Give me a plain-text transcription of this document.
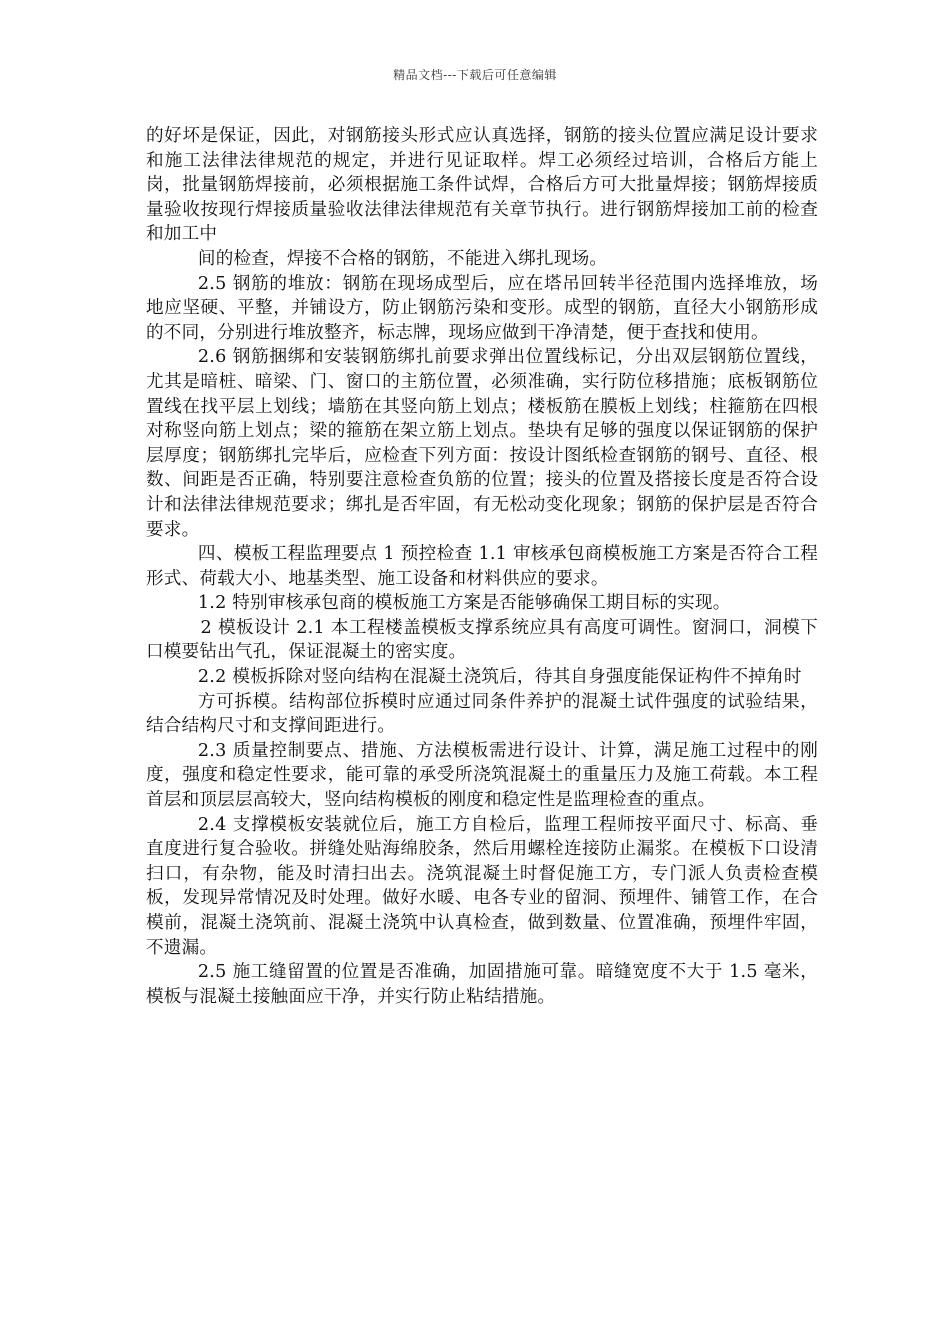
精品文档---下载后可任意编辑

的好坏是保证，因此，对钢筋接头形式应认真选择，钢筋的接头位置应满足设计要求和施工法律法律规范的规定，并进行见证取样。焊工必须经过培训，合格后方能上岗，批量钢筋焊接前，必须根据施工条件试焊，合格后方可大批量焊接；钢筋焊接质量验收按现行焊接质量验收法律法律规范有关章节执行。进行钢筋焊接加工前的检查和加工中

间的检查，焊接不合格的钢筋，不能进入绑扎现场。

2.5 钢筋的堆放：钢筋在现场成型后，应在塔吊回转半径范围内选择堆放，场地应坚硬、平整，并铺设方，防止钢筋污染和变形。成型的钢筋，直径大小钢筋形成的不同，分别进行堆放整齐，标志牌，现场应做到干净清楚，便于查找和使用。

2.6 钢筋捆绑和安装钢筋绑扎前要求弹出位置线标记，分出双层钢筋位置线，尤其是暗桩、暗梁、门、窗口的主筋位置，必须准确，实行防位移措施；底板钢筋位置线在找平层上划线；墙筋在其竖向筋上划点；楼板筋在膜板上划线；柱箍筋在四根对称竖向筋上划点；梁的箍筋在架立筋上划点。垫块有足够的强度以保证钢筋的保护层厚度；钢筋绑扎完毕后，应检查下列方面：按设计图纸检查钢筋的钢号、直径、根数、间距是否正确，特别要注意检查负筋的位置；接头的位置及搭接长度是否符合设计和法律法律规范要求；绑扎是否牢固，有无松动变化现象；钢筋的保护层是否符合要求。

四、模板工程监理要点 1 预控检查 1.1 审核承包商模板施工方案是否符合工程形式、荷载大小、地基类型、施工设备和材料供应的要求。

1.2 特别审核承包商的模板施工方案是否能够确保工期目标的实现。

2 模板设计 2.1 本工程楼盖模板支撑系统应具有高度可调性。窗洞口，洞模下口模要钻出气孔，保证混凝土的密实度。

2.2 模板拆除对竖向结构在混凝土浇筑后，待其自身强度能保证构件不掉角时

方可拆模。结构部位拆模时应通过同条件养护的混凝土试件强度的试验结果，结合结构尺寸和支撑间距进行。

2.3 质量控制要点、措施、方法模板需进行设计、计算，满足施工过程中的刚度，强度和稳定性要求，能可靠的承受所浇筑混凝土的重量压力及施工荷载。本工程首层和顶层层高较大，竖向结构模板的刚度和稳定性是监理检查的重点。

2.4 支撑模板安装就位后，施工方自检后，监理工程师按平面尺寸、标高、垂直度进行复合验收。拼缝处贴海绵胶条，然后用螺栓连接防止漏浆。在模板下口设清扫口，有杂物，能及时清扫出去。浇筑混凝土时督促施工方，专门派人负责检查模板，发现异常情况及时处理。做好水暖、电各专业的留洞、预埋件、铺管工作，在合模前，混凝土浇筑前、混凝土浇筑中认真检查，做到数量、位置准确，预埋件牢固，不遗漏。

2.5 施工缝留置的位置是否准确，加固措施可靠。暗缝宽度不大于 1.5 毫米，模板与混凝土接触面应干净，并实行防止粘结措施。
